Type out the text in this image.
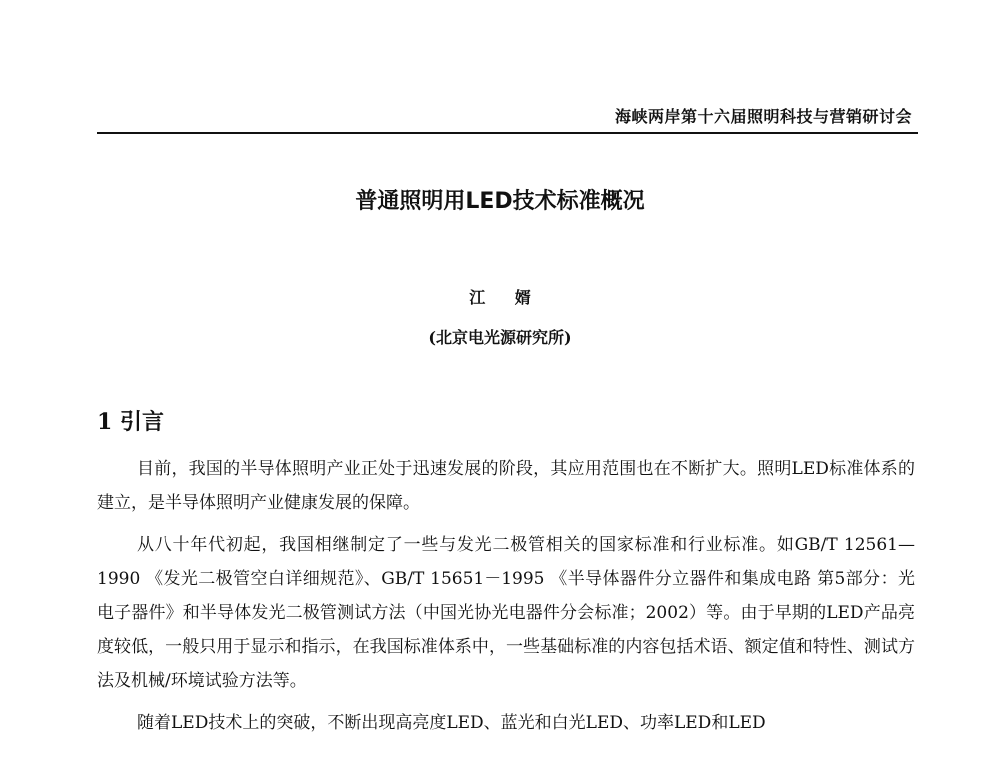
海峡两岸第十六届照明科技与营销研讨会
普通照明用LED技术标准概况
江 婿
(北京电光源研究所)
1 引言

目前，我国的半导体照明产业正处于迅速发展的阶段，其应用范围也在不断扩大。照明LED标准体系的建立，是半导体照明产业健康发展的保障。

从八十年代初起，我国相继制定了一些与发光二极管相关的国家标准和行业标准。如GB/T 12561—1990 《发光二极管空白详细规范》、GB/T 15651－1995 《半导体器件分立器件和集成电路 第5部分：光电子器件》和半导体发光二极管测试方法（中国光协光电器件分会标准；2002）等。由于早期的LED产品亮度较低，一般只用于显示和指示，在我国标准体系中，一些基础标准的内容包括术语、额定值和特性、测试方法及机械/环境试验方法等。

随着LED技术上的突破，不断出现高亮度LED、蓝光和白光LED、功率LED和LED
